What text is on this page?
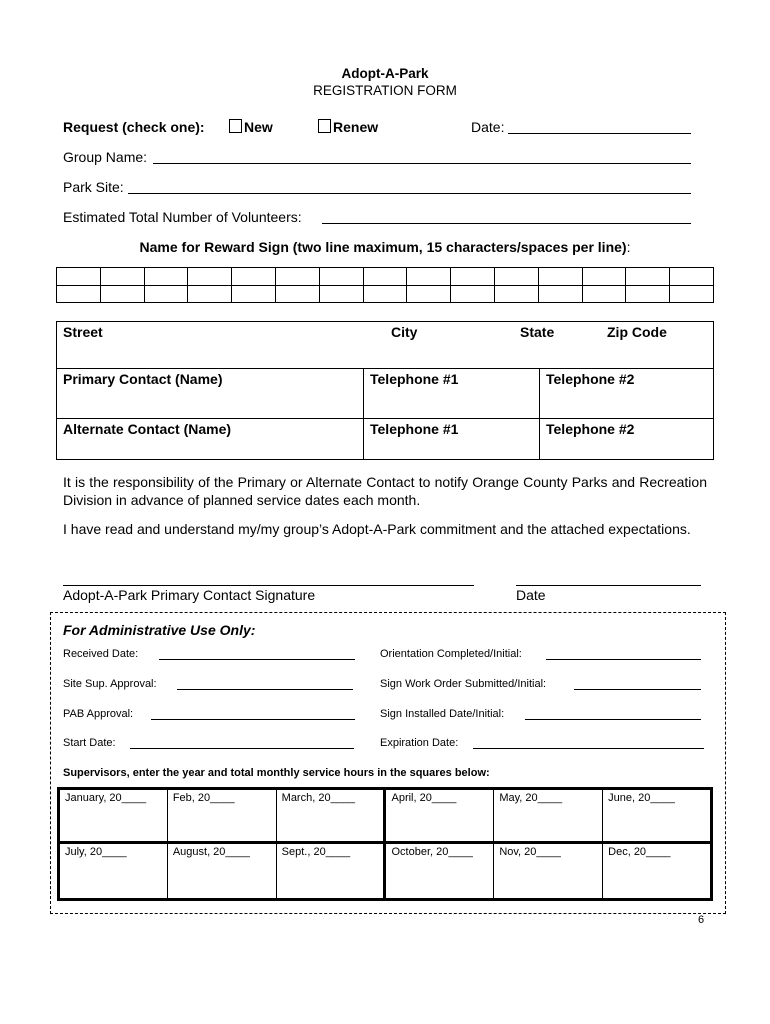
Adopt-A-Park
REGISTRATION FORM
Request (check one):	New	Renew	Date:
Group Name:
Park Site:
Estimated Total Number of Volunteers:
Name for Reward Sign (two line maximum, 15 characters/spaces per line):

Street City State Zip Code		

Primary Contact (Name)	Telephone #1	Telephone #2
Alternate Contact (Name)	Telephone #1	Telephone #2
It is the responsibility of the Primary or Alternate Contact to notify Orange County Parks and Recreation Division in advance of planned service dates each month.
I have read and understand my/my group’s Adopt-A-Park commitment and the attached expectations.
Adopt-A-Park Primary Contact Signature	Date
For Administrative Use Only:
Received Date:	Orientation Completed/Initial:
Site Sup. Approval:	Sign Work Order Submitted/Initial:
PAB Approval:	Sign Installed Date/Initial:
Start Date:	Expiration Date:
Supervisors, enter the year and total monthly service hours in the squares below:
January, 20____	Feb, 20____	March, 20____	April, 20____	May, 20____	June, 20____
July, 20____	August, 20____	Sept., 20____	October, 20____	Nov, 20____	Dec, 20____
6
